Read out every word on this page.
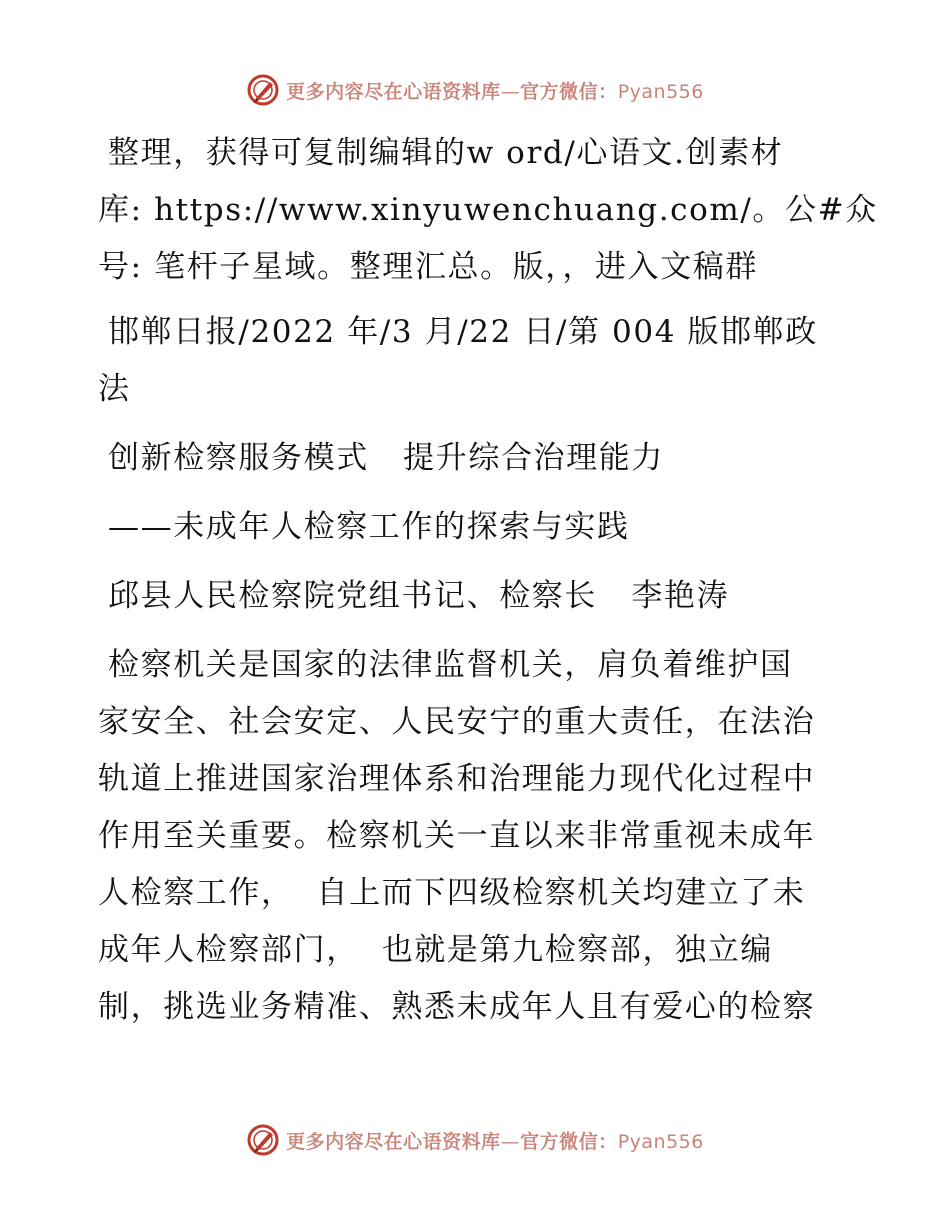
更多内容尽在心语资料库—官方微信：Pyan556
整理，获得可复制编辑的w ord/心语文.创素材
库: https://www.xinyuwenchuang.com/。公#众
号: 笔杆子星域。整理汇总。版，，进入文稿群
邯郸日报/2022 年/3 月/22 日/第 004 版邯郸政
法
创新检察服务模式   提升综合治理能力
——未成年人检察工作的探索与实践
邱县人民检察院党组书记、检察长   李艳涛
检察机关是国家的法律监督机关，肩负着维护国
家安全、社会安定、人民安宁的重大责任，在法治
轨道上推进国家治理体系和治理能力现代化过程中
作用至关重要。检察机关一直以来非常重视未成年
人检察工作，  自上而下四级检察机关均建立了未
成年人检察部门，  也就是第九检察部，独立编
制，挑选业务精准、熟悉未成年人且有爱心的检察
更多内容尽在心语资料库—官方微信：Pyan556
